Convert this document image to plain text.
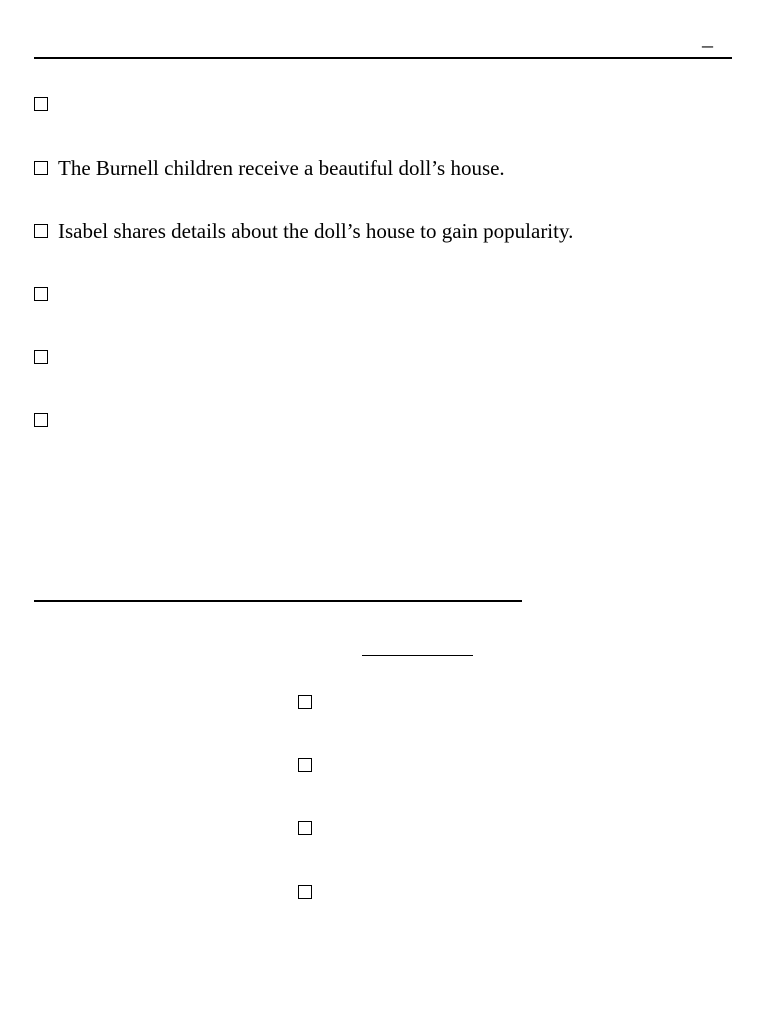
–
The Burnell children receive a beautiful doll’s house.
Isabel shares details about the doll’s house to gain popularity.
